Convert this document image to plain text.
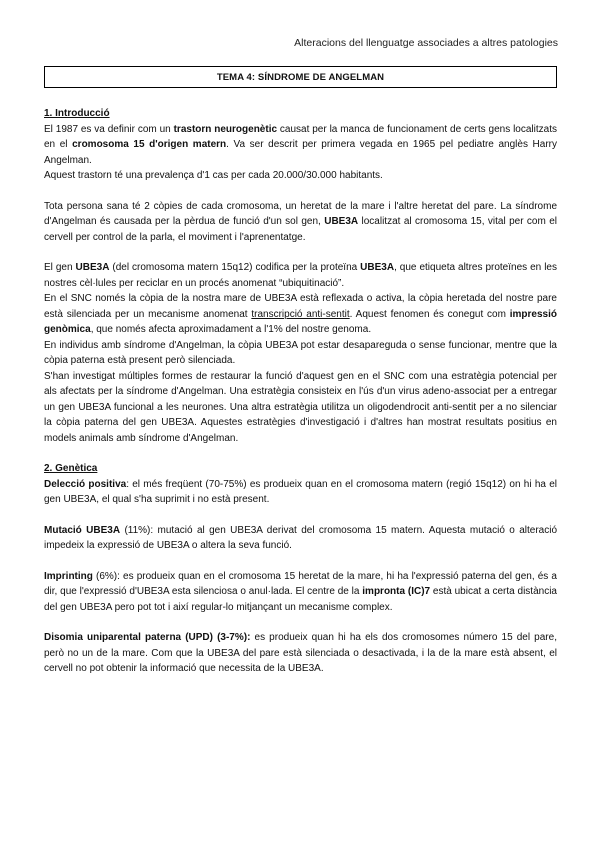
Alteracions del llenguatge associades a altres patologies
TEMA 4: SÍNDROME DE ANGELMAN

1. Introducció

El 1987 es va definir com un trastorn neurogenètic causat per la manca de funcionament de certs gens localitzats en el cromosoma 15 d'origen matern. Va ser descrit per primera vegada en 1965 pel pediatre anglès Harry Angelman.

Aquest trastorn té una prevalença d'1 cas per cada 20.000/30.000 habitants.

Tota persona sana té 2 còpies de cada cromosoma, un heretat de la mare i l'altre heretat del pare. La síndrome d'Angelman és causada per la pèrdua de funció d'un sol gen, UBE3A localitzat al cromosoma 15, vital per com el cervell per control de la parla, el moviment i l'aprenentatge.

El gen UBE3A (del cromosoma matern 15q12) codifica per la proteïna UBE3A, que etiqueta altres proteïnes en les nostres cèl·lules per reciclar en un procés anomenat “ubiquitinació”.

En el SNC només la còpia de la nostra mare de UBE3A està reflexada o activa, la còpia heretada del nostre pare està silenciada per un mecanisme anomenat transcripció anti-sentit. Aquest fenomen és conegut com impressió genòmica, que només afecta aproximadament a l'1% del nostre genoma.

En individus amb síndrome d'Angelman, la còpia UBE3A pot estar desapareguda o sense funcionar, mentre que la còpia paterna està present però silenciada.

S'han investigat múltiples formes de restaurar la funció d'aquest gen en el SNC com una estratègia potencial per als afectats per la síndrome d'Angelman. Una estratègia consisteix en l'ús d'un virus adeno-associat per a entregar un gen UBE3A funcional a les neurones. Una altra estratègia utilitza un oligodendrocit anti-sentit per a no silenciar la còpia paterna del gen UBE3A. Aquestes estratègies d'investigació i d'altres han mostrat resultats positius en models animals amb síndrome d'Angelman.

2. Genètica

Delecció positiva: el més freqüent (70-75%) es produeix quan en el cromosoma matern (regió 15q12) on hi ha el gen UBE3A, el qual s'ha suprimit i no està present.

Mutació UBE3A (11%): mutació al gen UBE3A derivat del cromosoma 15 matern. Aquesta mutació o alteració impedeix la expressió de UBE3A o altera la seva funció.

Imprinting (6%): es produeix quan en el cromosoma 15 heretat de la mare, hi ha l'expressió paterna del gen, és a dir, que l'expressió d'UBE3A esta silenciosa o anul·lada. El centre de la impronta (IC)7 està ubicat a certa distància del gen UBE3A pero pot tot i així regular-lo mitjançant un mecanisme complex.

Disomia uniparental paterna (UPD) (3-7%): es produeix quan hi ha els dos cromosomes número 15 del pare, però no un de la mare. Com que la UBE3A del pare està silenciada o desactivada, i la de la mare està absent, el cervell no pot obtenir la informació que necessita de la UBE3A.
